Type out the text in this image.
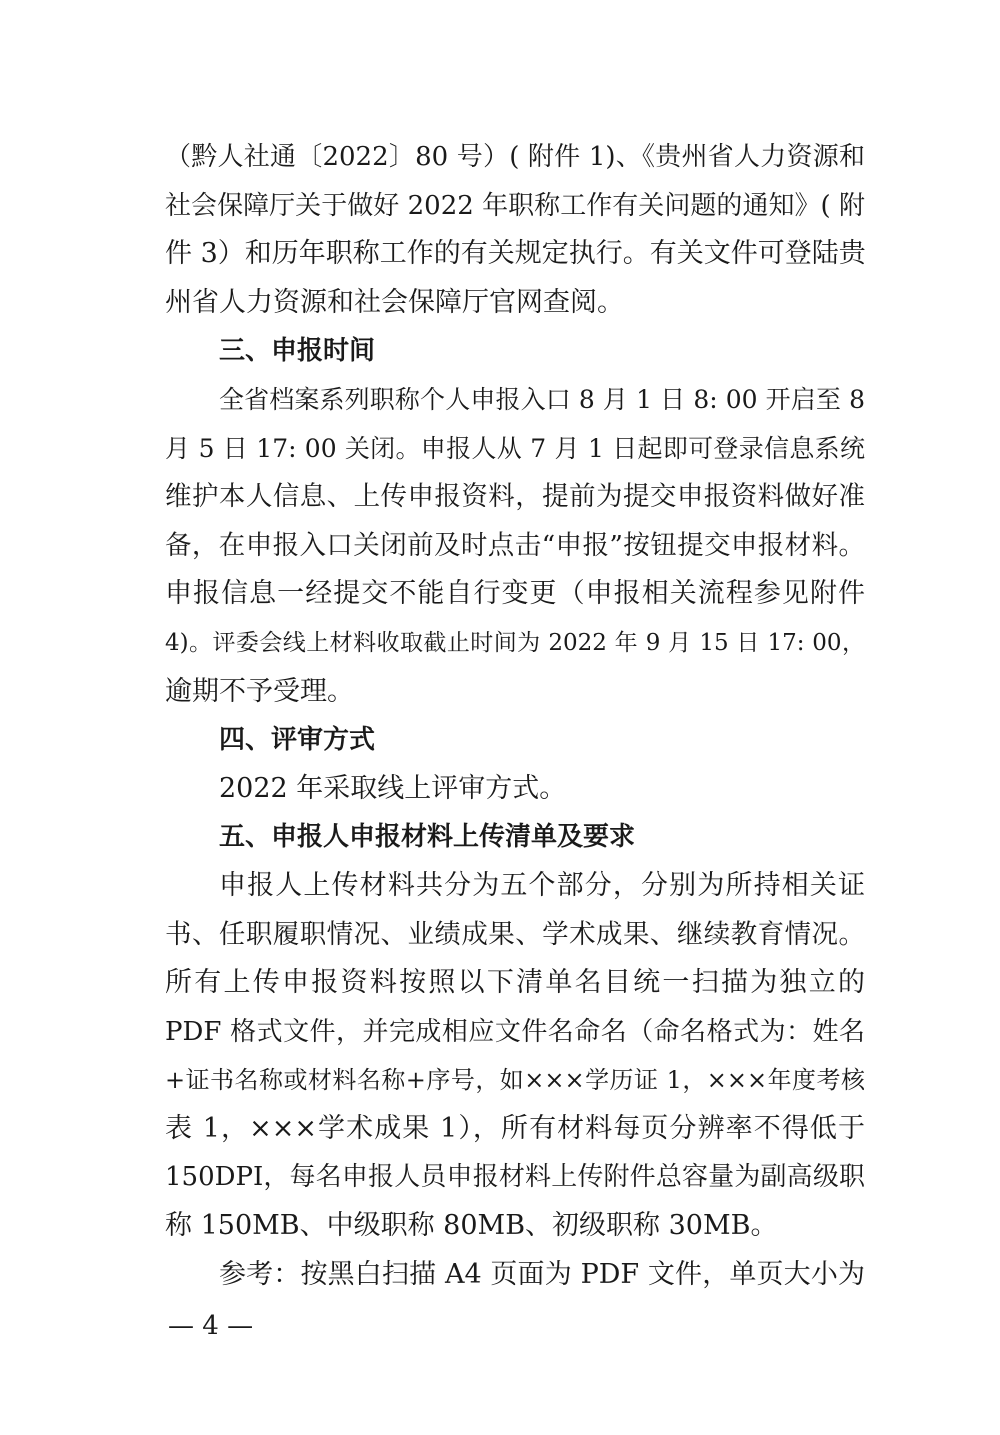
（黔人社通〔2022〕80 号）( 附件 1)、《贵州省人力资源和
社会保障厅关于做好 2022 年职称工作有关问题的通知》( 附
件 3）和历年职称工作的有关规定执行。有关文件可登陆贵
州省人力资源和社会保障厅官网查阅。
三、申报时间
全省档案系列职称个人申报入口 8 月 1 日 8: 00 开启至 8
月 5 日 17: 00 关闭。申报人从 7 月 1 日起即可登录信息系统
维护本人信息、上传申报资料，提前为提交申报资料做好准
备，在申报入口关闭前及时点击“申报”按钮提交申报材料。
申报信息一经提交不能自行变更（申报相关流程参见附件
4)。评委会线上材料收取截止时间为 2022 年 9 月 15 日 17: 00，
逾期不予受理。
四、评审方式
2022 年采取线上评审方式。
五、申报人申报材料上传清单及要求
申报人上传材料共分为五个部分，分别为所持相关证
书、任职履职情况、业绩成果、学术成果、继续教育情况。
所有上传申报资料按照以下清单名目统一扫描为独立的
PDF 格式文件，并完成相应文件名命名（命名格式为：姓名
+证书名称或材料名称+序号，如×××学历证 1，×××年度考核
表 1，×××学术成果 1），所有材料每页分辨率不得低于
150DPI，每名申报人员申报材料上传附件总容量为副高级职
称 150MB、中级职称 80MB、初级职称 30MB。
参考：按黑白扫描 A4 页面为 PDF 文件，单页大小为
— 4 —
